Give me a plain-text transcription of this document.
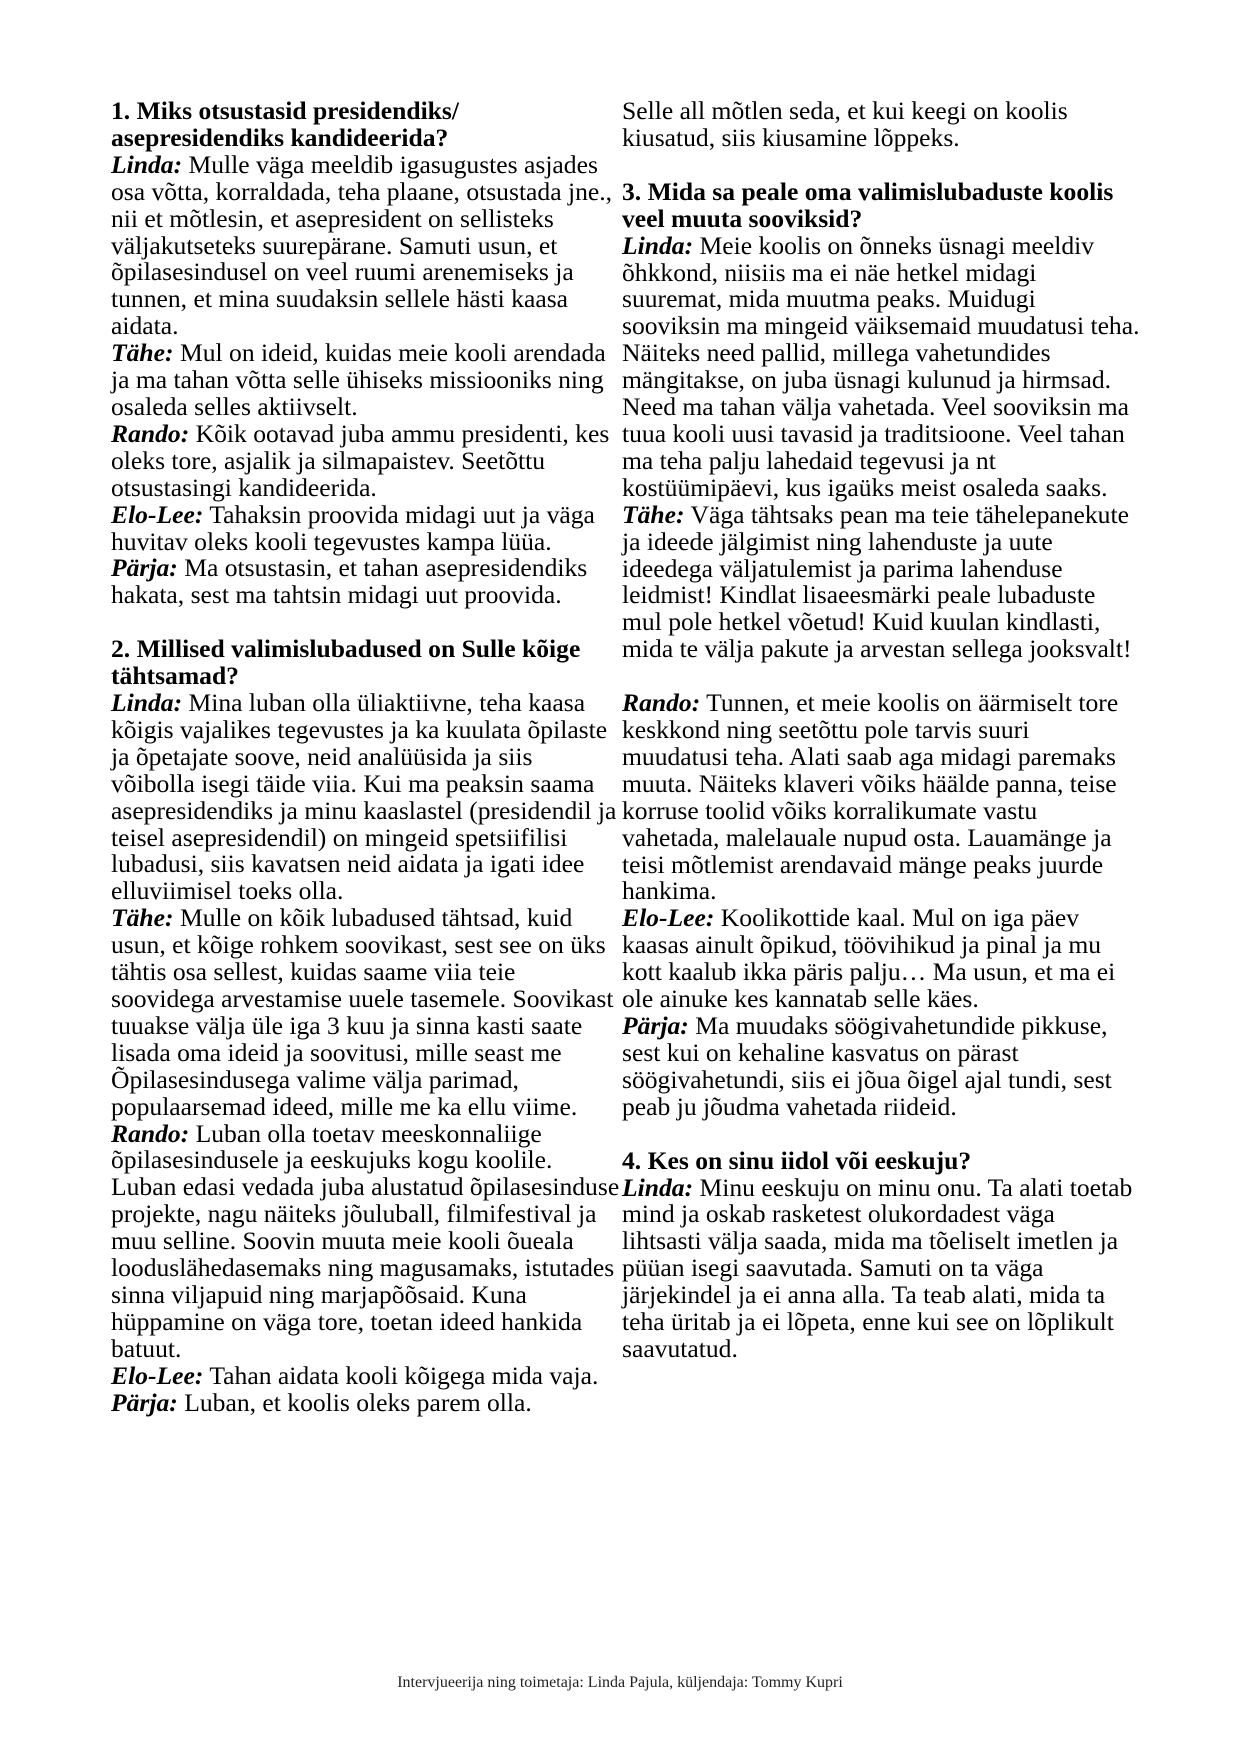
1. Miks otsustasid presidendiks/ asepresidendiks kandideerida?

Linda: Mulle väga meeldib igasugustes asjades osa võtta, korraldada, teha plaane, otsustada jne., nii et mõtlesin, et asepresident on sellisteks väljakutseteks suurepärane. Samuti usun, et õpilasesindusel on veel ruumi arenemiseks ja tunnen, et mina suudaksin sellele hästi kaasa aidata.

Tähe: Mul on ideid, kuidas meie kooli arendada ja ma tahan võtta selle ühiseks missiooniks ning osaleda selles aktiivselt.

Rando: Kõik ootavad juba ammu presidenti, kes oleks tore, asjalik ja silmapaistev. Seetõttu otsustasingi kandideerida.

Elo-Lee: Tahaksin proovida midagi uut ja väga huvitav oleks kooli tegevustes kampa lüüa.

Pärja: Ma otsustasin, et tahan asepresidendiks hakata, sest ma tahtsin midagi uut proovida.

2. Millised valimislubadused on Sulle kõige tähtsamad?

Linda: Mina luban olla üliaktiivne, teha kaasa kõigis vajalikes tegevustes ja ka kuulata õpilaste ja õpetajate soove, neid analüüsida ja siis võibolla isegi täide viia. Kui ma peaksin saama asepresidendiks ja minu kaaslastel (presidendil ja teisel asepresidendil) on mingeid spetsiifilisi lubadusi, siis kavatsen neid aidata ja igati idee elluviimisel toeks olla.

Tähe: Mulle on kõik lubadused tähtsad, kuid usun, et kõige rohkem soovikast, sest see on üks tähtis osa sellest, kuidas saame viia teie soovidega arvestamise uuele tasemele. Soovikast tuuakse välja üle iga 3 kuu ja sinna kasti saate lisada oma ideid ja soovitusi, mille seast me Õpilasesindusega valime välja parimad, populaarsemad ideed, mille me ka ellu viime.

Rando: Luban olla toetav meeskonnaliige õpilasesindusele ja eeskujuks kogu koolile. Luban edasi vedada juba alustatud õpilasesinduse projekte, nagu näiteks jõuluball, filmifestival ja muu selline. Soovin muuta meie kooli õueala looduslähedasemaks ning magusamaks, istutades sinna viljapuid ning marjapõõsaid. Kuna hüppamine on väga tore, toetan ideed hankida batuut.

Elo-Lee: Tahan aidata kooli kõigega mida vaja.

Pärja: Luban, et koolis oleks parem olla.

Selle all mõtlen seda, et kui keegi on koolis kiusatud, siis kiusamine lõppeks.

3. Mida sa peale oma valimislubaduste koolis veel muuta sooviksid?

Linda: Meie koolis on õnneks üsnagi meeldiv õhkkond, niisiis ma ei näe hetkel midagi suuremat, mida muutma peaks. Muidugi sooviksin ma mingeid väiksemaid muudatusi teha. Näiteks need pallid, millega vahetundides mängitakse, on juba üsnagi kulunud ja hirmsad. Need ma tahan välja vahetada. Veel sooviksin ma tuua kooli uusi tavasid ja traditsioone. Veel tahan ma teha palju lahedaid tegevusi ja nt kostüümipäevi, kus igaüks meist osaleda saaks.

Tähe: Väga tähtsaks pean ma teie tähelepanekute ja ideede jälgimist ning lahenduste ja uute ideedega väljatulemist ja parima lahenduse leidmist! Kindlat lisaeesmärki peale lubaduste mul pole hetkel võetud! Kuid kuulan kindlasti, mida te välja pakute ja arvestan sellega jooksvalt!

Rando: Tunnen, et meie koolis on äärmiselt tore keskkond ning seetõttu pole tarvis suuri muudatusi teha. Alati saab aga midagi paremaks muuta. Näiteks klaveri võiks häälde panna, teise korruse toolid võiks korralikumate vastu vahetada, malelauale nupud osta. Lauamänge ja teisi mõtlemist arendavaid mänge peaks juurde hankima.

Elo-Lee: Koolikottide kaal. Mul on iga päev kaasas ainult õpikud, töövihikud ja pinal ja mu kott kaalub ikka päris palju… Ma usun, et ma ei ole ainuke kes kannatab selle käes.

Pärja: Ma muudaks söögivahetundide pikkuse, sest kui on kehaline kasvatus on pärast söögivahetundi, siis ei jõua õigel ajal tundi, sest peab ju jõudma vahetada riideid.

4. Kes on sinu iidol või eeskuju?

Linda: Minu eeskuju on minu onu. Ta alati toetab mind ja oskab rasketest olukordadest väga lihtsasti välja saada, mida ma tõeliselt imetlen ja püüan isegi saavutada. Samuti on ta väga järjekindel ja ei anna alla. Ta teab alati, mida ta teha üritab ja ei lõpeta, enne kui see on lõplikult saavutatud.

Intervjueerija ning toimetaja: Linda Pajula, küljendaja: Tommy Kupri
